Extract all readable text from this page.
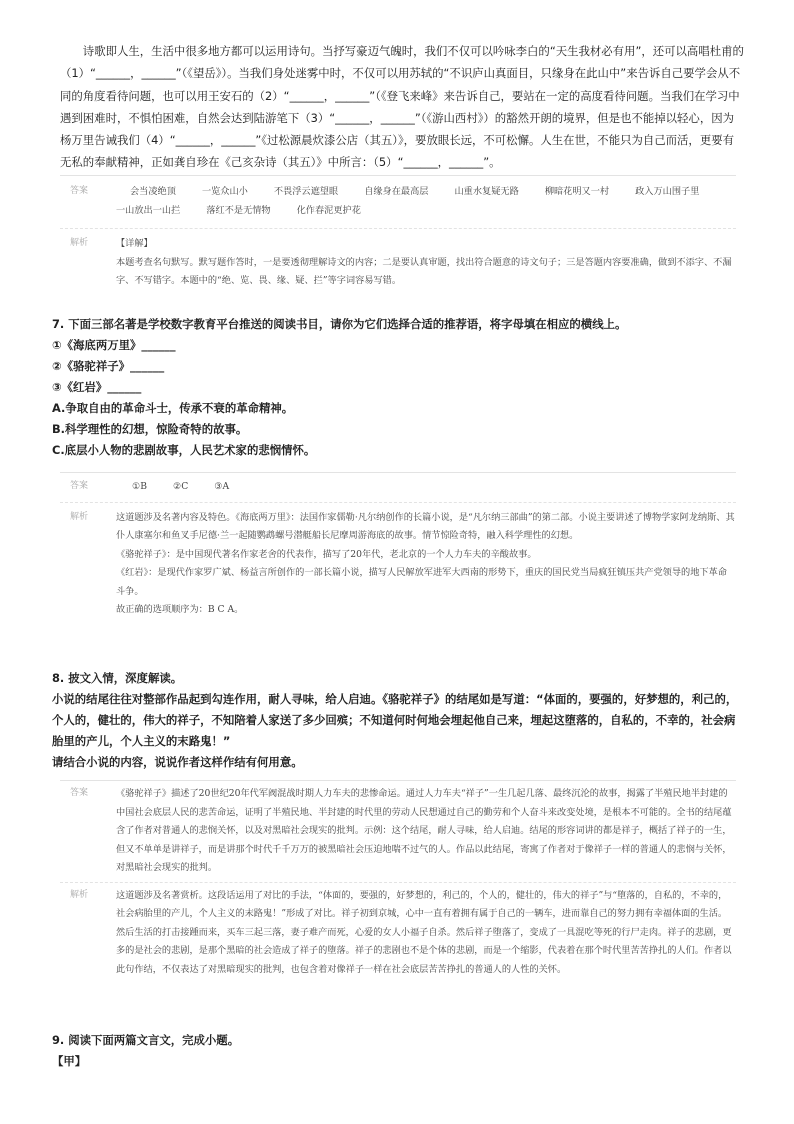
诗歌即人生，生活中很多地方都可以运用诗句。当抒写豪迈气魄时，我们不仅可以吟咏李白的“天生我材必有用”，还可以高唱杜甫的（1）“______，______”（《望岳》）。当我们身处迷雾中时，不仅可以用苏轼的“不识庐山真面目，只缘身在此山中”来告诉自己要学会从不同的角度看待问题，也可以用王安石的（2）“______，______”（《登飞来峰》来告诉自己，要站在一定的高度看待问题。当我们在学习中遇到困难时，不惧怕困难，自然会达到陆游笔下（3）“______，______”（《游山西村》）的豁然开朗的境界，但是也不能掉以轻心，因为杨万里告诫我们（4）“______，______”《过松源晨炊漆公店（其五）》，要放眼长远，不可松懈。人生在世，不能只为自己而活，更要有无私的奉献精神，正如龚自珍在《己亥杂诗（其五）》中所言：（5）“______，______”。

答案	会当凌绝顶	一览众山小	不畏浮云遮望眼	自缘身在最高层	山重水复疑无路	柳暗花明又一村	政入万山围子里
一山放出一山拦	落红不是无情物	化作春泥更护花
解析	【详解】
本题考查名句默写。默写题作答时，一是要透彻理解诗文的内容；二是要认真审题，找出符合题意的诗文句子；三是答题内容要准确，做到不添字、不漏字、不写错字。本题中的“绝、览、畏、缘、疑、拦”等字词容易写错。

7. 下面三部名著是学校数字教育平台推送的阅读书目，请你为它们选择合适的推荐语，将字母填在相应的横线上。

①《海底两万里》______

②《骆驼祥子》______

③《红岩》______

A.争取自由的革命斗士，传承不衰的革命精神。

B.科学理性的幻想，惊险奇特的故事。

C.底层小人物的悲剧故事，人民艺术家的悲悯情怀。

答案	①B	②C	③A
解析	这道题涉及名著内容及特色。《海底两万里》：法国作家儒勒·凡尔纳创作的长篇小说，是“凡尔纳三部曲”的第二部。小说主要讲述了博物学家阿龙纳斯、其仆人康塞尔和鱼叉手尼德·兰一起随鹦鹉螺号潜艇船长尼摩周游海底的故事。情节惊险奇特，融入科学理性的幻想。
《骆驼祥子》：是中国现代著名作家老舍的代表作，描写了20年代，老北京的一个人力车夫的辛酸故事。
《红岩》：是现代作家罗广斌、杨益言所创作的一部长篇小说，描写人民解放军进军大西南的形势下，重庆的国民党当局疯狂镇压共产党领导的地下革命斗争。
故正确的选项顺序为：B C A。

8. 披文入情，深度解读。

小说的结尾往往对整部作品起到勾连作用，耐人寻味，给人启迪。《骆驼祥子》的结尾如是写道：“体面的，要强的，好梦想的，利己的，个人的，健壮的，伟大的祥子，不知陪着人家送了多少回殡；不知道何时何地会埋起他自己来，埋起这堕落的，自私的，不幸的，社会病胎里的产儿，个人主义的末路鬼！”

请结合小说的内容，说说作者这样作结有何用意。

答案	《骆驼祥子》描述了20世纪20年代军阀混战时期人力车夫的悲惨命运。通过人力车夫“祥子”一生几起几落、最终沉沦的故事，揭露了半殖民地半封建的中国社会底层人民的悲苦命运，证明了半殖民地、半封建的时代里的劳动人民想通过自己的勤劳和个人奋斗来改变处境，是根本不可能的。全书的结尾蕴含了作者对普通人的悲悯关怀，以及对黑暗社会现实的批判。示例：这个结尾，耐人寻味，给人启迪。结尾的形容词讲的都是祥子，概括了祥子的一生，但又不单单是讲祥子，而是讲那个时代千千万万的被黑暗社会压迫地喘不过气的人。作品以此结尾，寄寓了作者对于像祥子一样的普通人的悲悯与关怀，对黑暗社会现实的批判。
解析	这道题涉及名著赏析。这段话运用了对比的手法，“体面的，要强的，好梦想的，利己的，个人的，健壮的，伟大的祥子”与“堕落的，自私的，不幸的，社会病胎里的产儿，个人主义的末路鬼！”形成了对比。祥子初到京城，心中一直有着拥有属于自己的一辆车，进而靠自己的努力拥有幸福体面的生活。然后生活的打击接踵而来，买车三起三落，妻子难产而死，心爱的女人小福子自杀。然后祥子堕落了，变成了一具混吃等死的行尸走肉。祥子的悲剧，更多的是社会的悲剧，是那个黑暗的社会造成了祥子的堕落。祥子的悲剧也不是个体的悲剧，而是一个缩影，代表着在那个时代里苦苦挣扎的人们。作者以此句作结，不仅表达了对黑暗现实的批判，也包含着对像祥子一样在社会底层苦苦挣扎的普通人的人性的关怀。

9. 阅读下面两篇文言文，完成小题。

【甲】
